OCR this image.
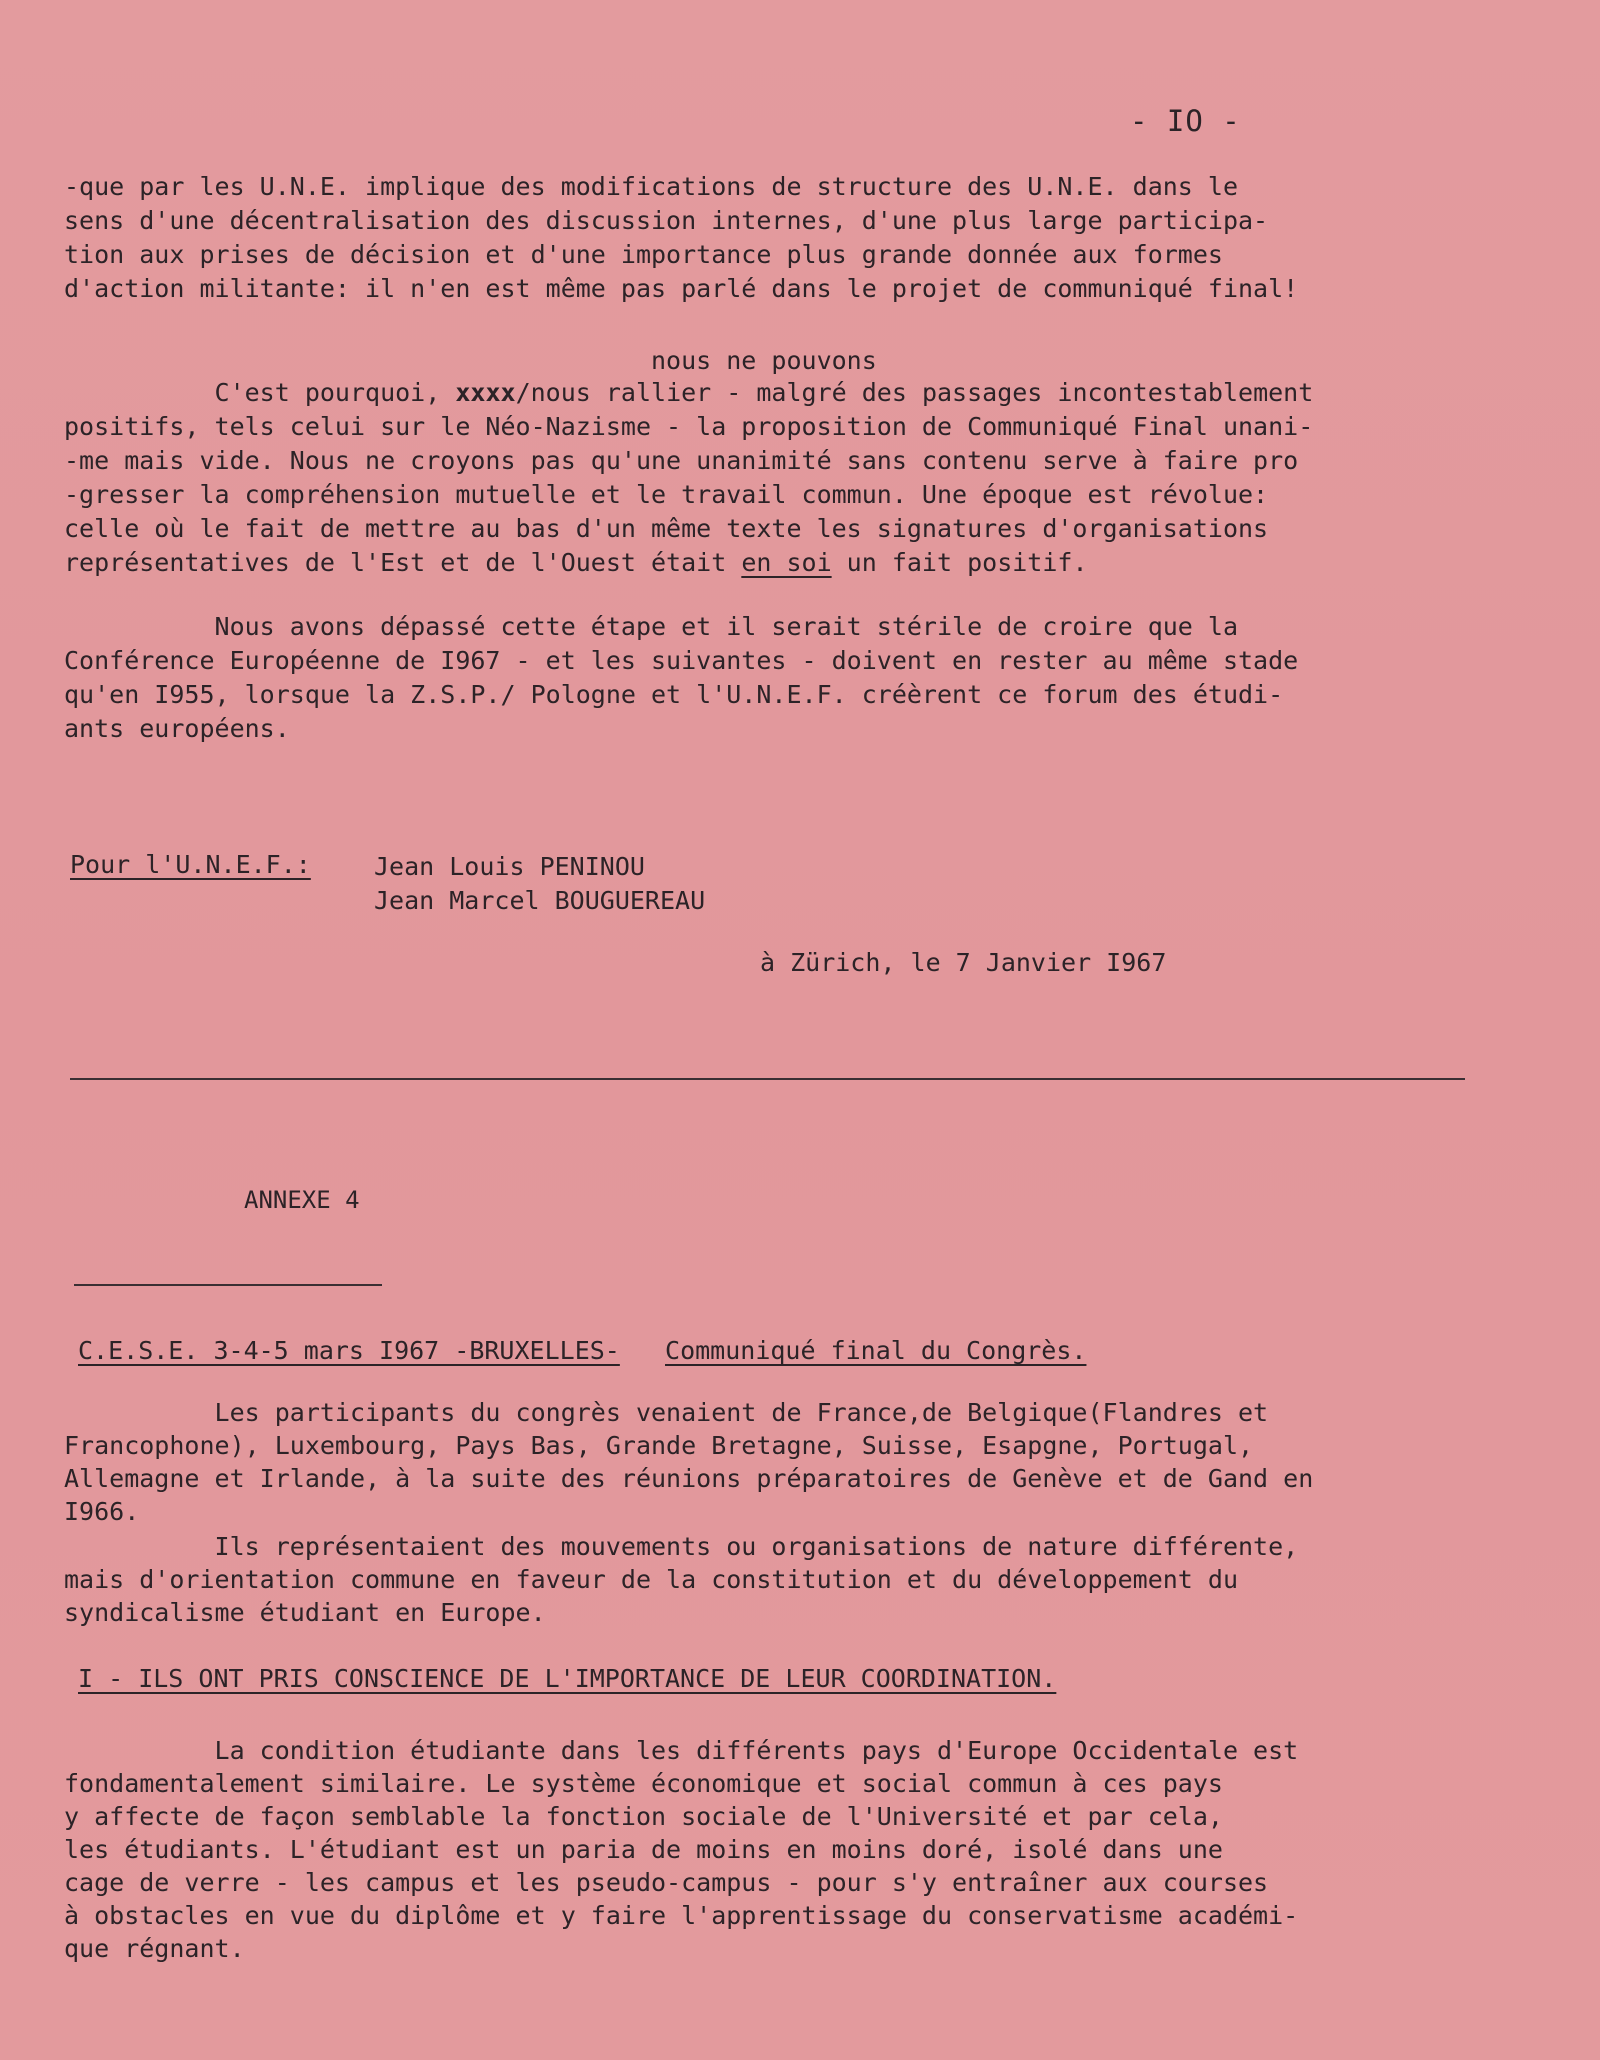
- IO -
-que par les U.N.E. implique des modifications de structure des U.N.E. dans le
sens d'une décentralisation des discussion internes, d'une plus large participa-
tion aux prises de décision et d'une importance plus grande donnée aux formes
d'action militante: il n'en est même pas parlé dans le projet de communiqué final!
nous ne pouvons
C'est pourquoi, xxxx/nous rallier - malgré des passages incontestablement
positifs, tels celui sur le Néo-Nazisme - la proposition de Communiqué Final unani-
-me mais vide. Nous ne croyons pas qu'une unanimité sans contenu serve à faire pro
-gresser la compréhension mutuelle et le travail commun. Une époque est révolue:
celle où le fait de mettre au bas d'un même texte les signatures d'organisations
représentatives de l'Est et de l'Ouest était en soi un fait positif.
Nous avons dépassé cette étape et il serait stérile de croire que la
Conférence Européenne de I967 - et les suivantes - doivent en rester au même stade
qu'en I955, lorsque la Z.S.P./ Pologne et l'U.N.E.F. créèrent ce forum des étudi-
ants européens.
Pour l'U.N.E.F.:	Jean Louis PENINOU
Jean Marcel BOUGUEREAU
à Zürich, le 7 Janvier I967
ANNEXE 4
C.E.S.E. 3-4-5 mars I967 -BRUXELLES- Communiqué final du Congrès.
Les participants du congrès venaient de France,de Belgique(Flandres et
Francophone), Luxembourg, Pays Bas, Grande Bretagne, Suisse, Esapgne, Portugal,
Allemagne et Irlande, à la suite des réunions préparatoires de Genève et de Gand en
I966.
Ils représentaient des mouvements ou organisations de nature différente,
mais d'orientation commune en faveur de la constitution et du développement du
syndicalisme étudiant en Europe.
I - ILS ONT PRIS CONSCIENCE DE L'IMPORTANCE DE LEUR COORDINATION.
La condition étudiante dans les différents pays d'Europe Occidentale est
fondamentalement similaire. Le système économique et social commun à ces pays
y affecte de façon semblable la fonction sociale de l'Université et par cela,
les étudiants. L'étudiant est un paria de moins en moins doré, isolé dans une
cage de verre - les campus et les pseudo-campus - pour s'y entraîner aux courses
à obstacles en vue du diplôme et y faire l'apprentissage du conservatisme académi-
que régnant.
